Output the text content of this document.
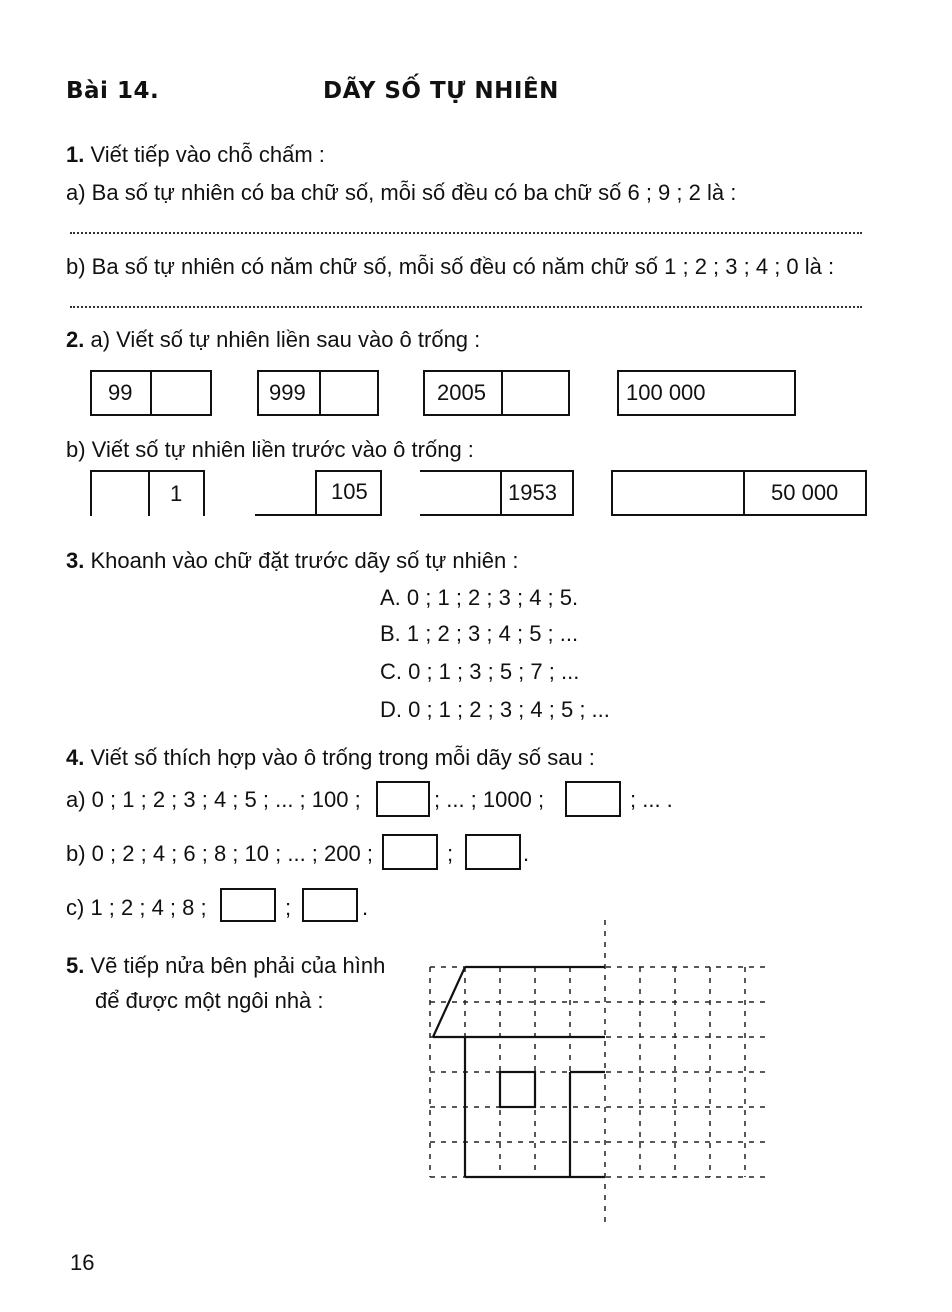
Bài 14.	DÃY SỐ TỰ NHIÊN
1. Viết tiếp vào chỗ chấm :
a) Ba số tự nhiên có ba chữ số, mỗi số đều có ba chữ số 6 ; 9 ; 2 là :
b) Ba số tự nhiên có năm chữ số, mỗi số đều có năm chữ số 1 ; 2 ; 3 ; 4 ; 0 là :
2. a) Viết số tự nhiên liền sau vào ô trống :
99	999	2005	100 000
b) Viết số tự nhiên liền trước vào ô trống :
1	105	1953	50 000
3. Khoanh vào chữ đặt trước dãy số tự nhiên :
A. 0 ; 1 ; 2 ; 3 ; 4 ; 5.
B. 1 ; 2 ; 3 ; 4 ; 5 ; ...
C. 0 ; 1 ; 3 ; 5 ; 7 ; ...
D. 0 ; 1 ; 2 ; 3 ; 4 ; 5 ; ...
4. Viết số thích hợp vào ô trống trong mỗi dãy số sau :
a) 0 ; 1 ; 2 ; 3 ; 4 ; 5 ; ... ; 100 ;	; ... ; 1000 ;	; ... .
b) 0 ; 2 ; 4 ; 6 ; 8 ; 10 ; ... ; 200 ;	;	.
c) 1 ; 2 ; 4 ; 8 ;	;	.
5. Vẽ tiếp nửa bên phải của hình
để được một ngôi nhà :
16
